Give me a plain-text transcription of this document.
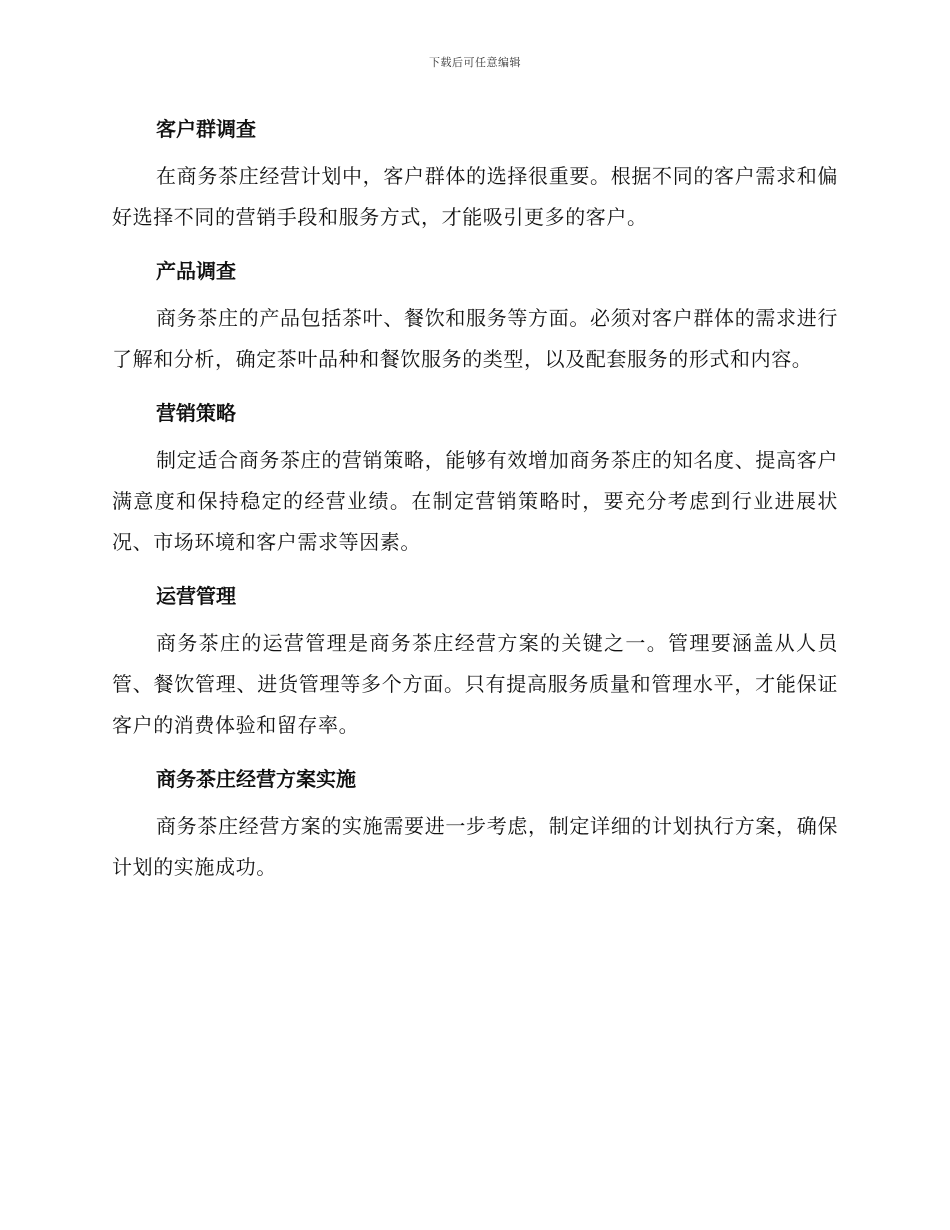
下载后可任意编辑
客户群调查

在商务茶庄经营计划中，客户群体的选择很重要。根据不同的客户需求和偏好选择不同的营销手段和服务方式，才能吸引更多的客户。

产品调查

商务茶庄的产品包括茶叶、餐饮和服务等方面。必须对客户群体的需求进行了解和分析，确定茶叶品种和餐饮服务的类型，以及配套服务的形式和内容。

营销策略

制定适合商务茶庄的营销策略，能够有效增加商务茶庄的知名度、提高客户满意度和保持稳定的经营业绩。在制定营销策略时，要充分考虑到行业进展状况、市场环境和客户需求等因素。

运营管理

商务茶庄的运营管理是商务茶庄经营方案的关键之一。管理要涵盖从人员管、餐饮管理、进货管理等多个方面。只有提高服务质量和管理水平，才能保证客户的消费体验和留存率。

商务茶庄经营方案实施

商务茶庄经营方案的实施需要进一步考虑，制定详细的计划执行方案，确保计划的实施成功。
